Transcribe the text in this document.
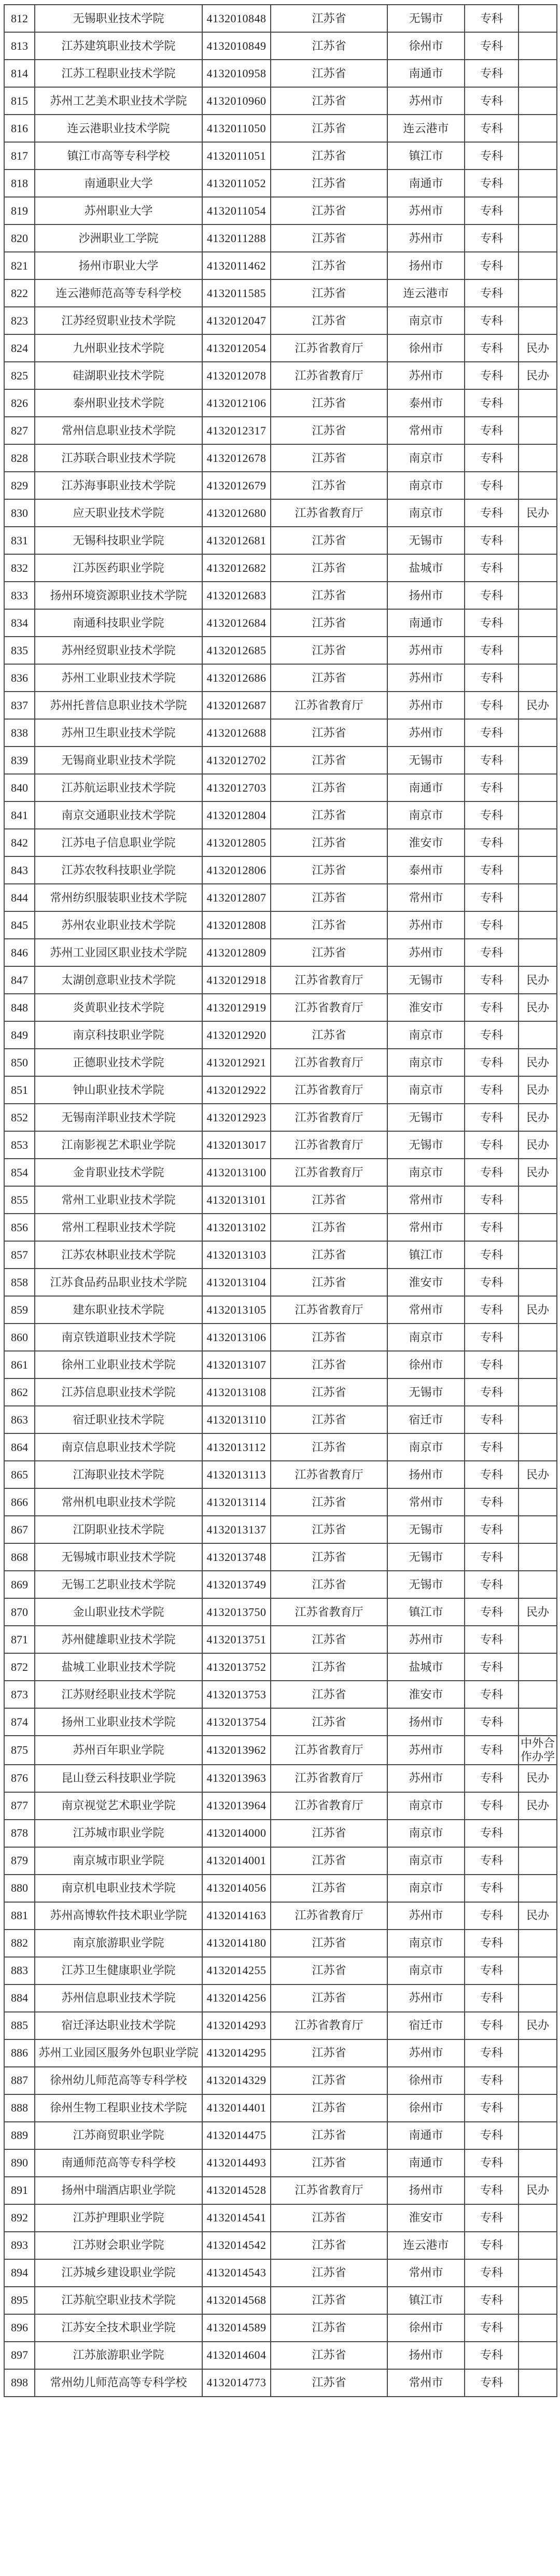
812	无锡职业技术学院	4132010848	江苏省	无锡市	专科	
813	江苏建筑职业技术学院	4132010849	江苏省	徐州市	专科	
814	江苏工程职业技术学院	4132010958	江苏省	南通市	专科	
815	苏州工艺美术职业技术学院	4132010960	江苏省	苏州市	专科	
816	连云港职业技术学院	4132011050	江苏省	连云港市	专科	
817	镇江市高等专科学校	4132011051	江苏省	镇江市	专科	
818	南通职业大学	4132011052	江苏省	南通市	专科	
819	苏州职业大学	4132011054	江苏省	苏州市	专科	
820	沙洲职业工学院	4132011288	江苏省	苏州市	专科	
821	扬州市职业大学	4132011462	江苏省	扬州市	专科	
822	连云港师范高等专科学校	4132011585	江苏省	连云港市	专科	
823	江苏经贸职业技术学院	4132012047	江苏省	南京市	专科	
824	九州职业技术学院	4132012054	江苏省教育厅	徐州市	专科	民办
825	硅湖职业技术学院	4132012078	江苏省教育厅	苏州市	专科	民办
826	泰州职业技术学院	4132012106	江苏省	泰州市	专科	
827	常州信息职业技术学院	4132012317	江苏省	常州市	专科	
828	江苏联合职业技术学院	4132012678	江苏省	南京市	专科	
829	江苏海事职业技术学院	4132012679	江苏省	南京市	专科	
830	应天职业技术学院	4132012680	江苏省教育厅	南京市	专科	民办
831	无锡科技职业学院	4132012681	江苏省	无锡市	专科	
832	江苏医药职业学院	4132012682	江苏省	盐城市	专科	
833	扬州环境资源职业技术学院	4132012683	江苏省	扬州市	专科	
834	南通科技职业学院	4132012684	江苏省	南通市	专科	
835	苏州经贸职业技术学院	4132012685	江苏省	苏州市	专科	
836	苏州工业职业技术学院	4132012686	江苏省	苏州市	专科	
837	苏州托普信息职业技术学院	4132012687	江苏省教育厅	苏州市	专科	民办
838	苏州卫生职业技术学院	4132012688	江苏省	苏州市	专科	
839	无锡商业职业技术学院	4132012702	江苏省	无锡市	专科	
840	江苏航运职业技术学院	4132012703	江苏省	南通市	专科	
841	南京交通职业技术学院	4132012804	江苏省	南京市	专科	
842	江苏电子信息职业学院	4132012805	江苏省	淮安市	专科	
843	江苏农牧科技职业学院	4132012806	江苏省	泰州市	专科	
844	常州纺织服装职业技术学院	4132012807	江苏省	常州市	专科	
845	苏州农业职业技术学院	4132012808	江苏省	苏州市	专科	
846	苏州工业园区职业技术学院	4132012809	江苏省	苏州市	专科	
847	太湖创意职业技术学院	4132012918	江苏省教育厅	无锡市	专科	民办
848	炎黄职业技术学院	4132012919	江苏省教育厅	淮安市	专科	民办
849	南京科技职业学院	4132012920	江苏省	南京市	专科	
850	正德职业技术学院	4132012921	江苏省教育厅	南京市	专科	民办
851	钟山职业技术学院	4132012922	江苏省教育厅	南京市	专科	民办
852	无锡南洋职业技术学院	4132012923	江苏省教育厅	无锡市	专科	民办
853	江南影视艺术职业学院	4132013017	江苏省教育厅	无锡市	专科	民办
854	金肯职业技术学院	4132013100	江苏省教育厅	南京市	专科	民办
855	常州工业职业技术学院	4132013101	江苏省	常州市	专科	
856	常州工程职业技术学院	4132013102	江苏省	常州市	专科	
857	江苏农林职业技术学院	4132013103	江苏省	镇江市	专科	
858	江苏食品药品职业技术学院	4132013104	江苏省	淮安市	专科	
859	建东职业技术学院	4132013105	江苏省教育厅	常州市	专科	民办
860	南京铁道职业技术学院	4132013106	江苏省	南京市	专科	
861	徐州工业职业技术学院	4132013107	江苏省	徐州市	专科	
862	江苏信息职业技术学院	4132013108	江苏省	无锡市	专科	
863	宿迁职业技术学院	4132013110	江苏省	宿迁市	专科	
864	南京信息职业技术学院	4132013112	江苏省	南京市	专科	
865	江海职业技术学院	4132013113	江苏省教育厅	扬州市	专科	民办
866	常州机电职业技术学院	4132013114	江苏省	常州市	专科	
867	江阴职业技术学院	4132013137	江苏省	无锡市	专科	
868	无锡城市职业技术学院	4132013748	江苏省	无锡市	专科	
869	无锡工艺职业技术学院	4132013749	江苏省	无锡市	专科	
870	金山职业技术学院	4132013750	江苏省教育厅	镇江市	专科	民办
871	苏州健雄职业技术学院	4132013751	江苏省	苏州市	专科	
872	盐城工业职业技术学院	4132013752	江苏省	盐城市	专科	
873	江苏财经职业技术学院	4132013753	江苏省	淮安市	专科	
874	扬州工业职业技术学院	4132013754	江苏省	扬州市	专科	
875	苏州百年职业学院	4132013962	江苏省教育厅	苏州市	专科	中外合作办学
876	昆山登云科技职业学院	4132013963	江苏省教育厅	苏州市	专科	民办
877	南京视觉艺术职业学院	4132013964	江苏省教育厅	南京市	专科	民办
878	江苏城市职业学院	4132014000	江苏省	南京市	专科	
879	南京城市职业学院	4132014001	江苏省	南京市	专科	
880	南京机电职业技术学院	4132014056	江苏省	南京市	专科	
881	苏州高博软件技术职业学院	4132014163	江苏省教育厅	苏州市	专科	民办
882	南京旅游职业学院	4132014180	江苏省	南京市	专科	
883	江苏卫生健康职业学院	4132014255	江苏省	南京市	专科	
884	苏州信息职业技术学院	4132014256	江苏省	苏州市	专科	
885	宿迁泽达职业技术学院	4132014293	江苏省教育厅	宿迁市	专科	民办
886	苏州工业园区服务外包职业学院	4132014295	江苏省	苏州市	专科	
887	徐州幼儿师范高等专科学校	4132014329	江苏省	徐州市	专科	
888	徐州生物工程职业技术学院	4132014401	江苏省	徐州市	专科	
889	江苏商贸职业学院	4132014475	江苏省	南通市	专科	
890	南通师范高等专科学校	4132014493	江苏省	南通市	专科	
891	扬州中瑞酒店职业学院	4132014528	江苏省教育厅	扬州市	专科	民办
892	江苏护理职业学院	4132014541	江苏省	淮安市	专科	
893	江苏财会职业学院	4132014542	江苏省	连云港市	专科	
894	江苏城乡建设职业学院	4132014543	江苏省	常州市	专科	
895	江苏航空职业技术学院	4132014568	江苏省	镇江市	专科	
896	江苏安全技术职业学院	4132014589	江苏省	徐州市	专科	
897	江苏旅游职业学院	4132014604	江苏省	扬州市	专科	
898	常州幼儿师范高等专科学校	4132014773	江苏省	常州市	专科	
